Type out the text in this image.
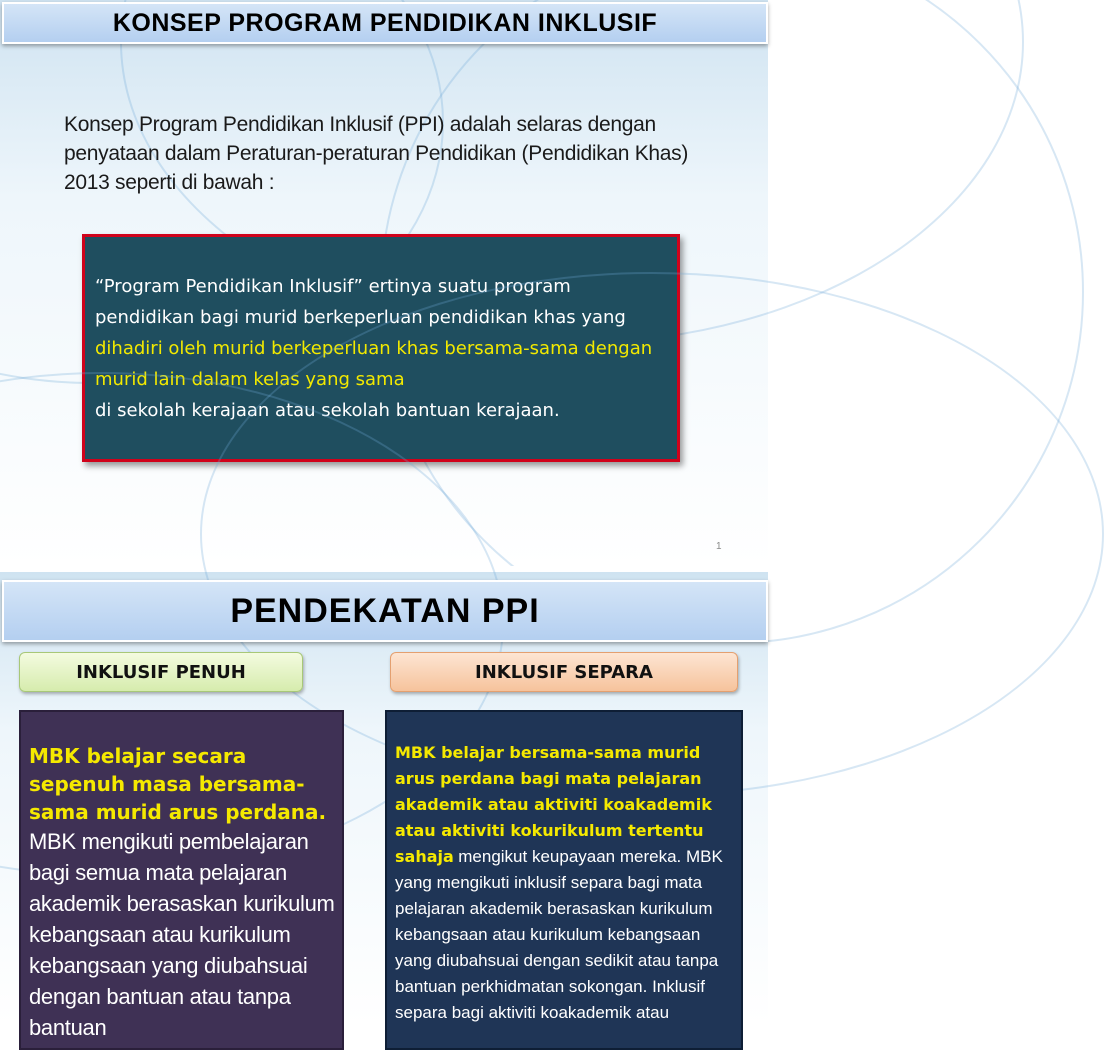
KONSEP PROGRAM PENDIDIKAN INKLUSIF
Konsep Program Pendidikan Inklusif (PPI) adalah selaras dengan penyataan dalam Peraturan-peraturan Pendidikan (Pendidikan Khas) 2013 seperti di bawah :

“Program Pendidikan Inklusif” ertinya suatu program pendidikan bagi murid berkeperluan pendidikan khas yang dihadiri oleh murid berkeperluan khas bersama-sama dengan murid lain dalam kelas yang sama
di sekolah kerajaan atau sekolah bantuan kerajaan.

1
PENDEKATAN PPI
INKLUSIF PENUH	INKLUSIF SEPARA

MBK belajar secara sepenuh masa bersama-sama murid arus perdana.

MBK mengikuti pembelajaran bagi semua mata pelajaran akademik berasaskan kurikulum kebangsaan atau kurikulum kebangsaan yang diubahsuai dengan bantuan atau tanpa bantuan

MBK belajar bersama-sama murid arus perdana bagi mata pelajaran akademik atau aktiviti koakademik atau aktiviti kokurikulum tertentu sahaja mengikut keupayaan mereka. MBK yang mengikuti inklusif separa bagi mata pelajaran akademik berasaskan kurikulum kebangsaan atau kurikulum kebangsaan yang diubahsuai dengan sedikit atau tanpa bantuan perkhidmatan sokongan. Inklusif separa bagi aktiviti koakademik atau
